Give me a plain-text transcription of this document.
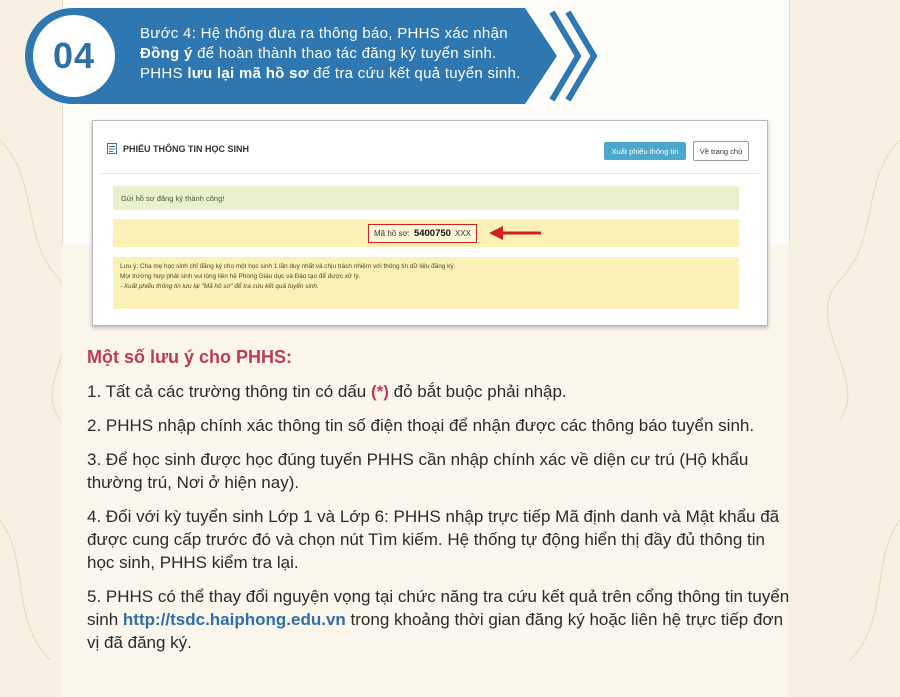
04
Bước 4: Hệ thống đưa ra thông báo, PHHS xác nhận
Đồng ý để hoàn thành thao tác đăng ký tuyển sinh.
PHHS lưu lại mã hồ sơ để tra cứu kết quả tuyển sinh.
PHIẾU THÔNG TIN HỌC SINH	Xuất phiếu thông tin	Về trang chủ
Gửi hồ sơ đăng ký thành công!
Mã hồ sơ: 5400750 XXX
Lưu ý: Cha mẹ học sinh chỉ đăng ký cho một học sinh 1 lần duy nhất và chịu trách nhiệm với thông tin dữ liệu đăng ký.
Mọi trường hợp phát sinh vui lòng liên hệ Phòng Giáo dục và Đào tạo để được xử lý.
- Xuất phiếu thông tin lưu lại "Mã hồ sơ" để tra cứu kết quả tuyển sinh.
Một số lưu ý cho PHHS:

1. Tất cả các trường thông tin có dấu (*) đỏ bắt buộc phải nhập.

2. PHHS nhập chính xác thông tin số điện thoại để nhận được các thông báo tuyển sinh.

3. Để học sinh được học đúng tuyến PHHS cần nhập chính xác về diện cư trú (Hộ khẩu thường trú, Nơi ở hiện nay).

4. Đối với kỳ tuyển sinh Lớp 1 và Lớp 6: PHHS nhập trực tiếp Mã định danh và Mật khẩu đã được cung cấp trước đó và chọn nút Tìm kiếm. Hệ thống tự động hiển thị đầy đủ thông tin học sinh, PHHS kiểm tra lại.

5. PHHS có thể thay đổi nguyện vọng tại chức năng tra cứu kết quả trên cổng thông tin tuyển sinh http://tsdc.haiphong.edu.vn trong khoảng thời gian đăng ký hoặc liên hệ trực tiếp đơn vị đã đăng ký.
